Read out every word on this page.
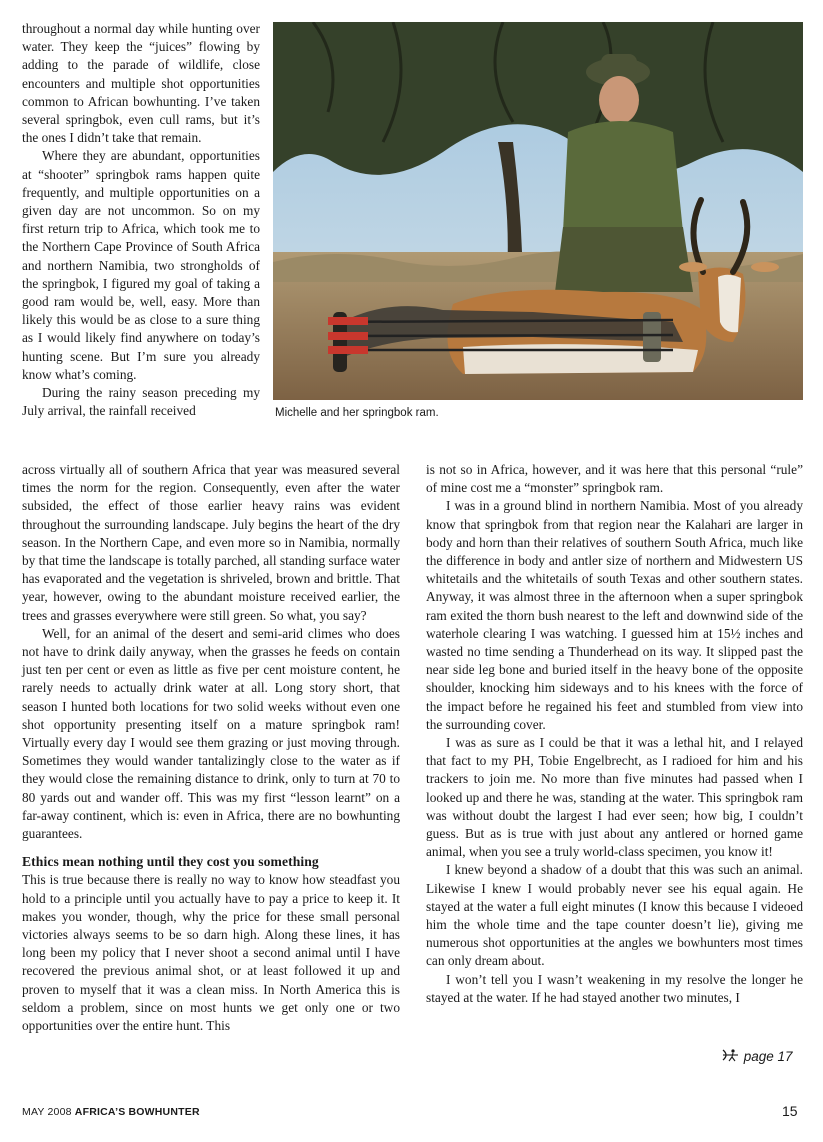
throughout a normal day while hunting over water. They keep the “juices” flowing by adding to the parade of wildlife, close encounters and multiple shot opportunities common to African bowhunting. I’ve taken several springbok, even cull rams, but it’s the ones I didn’t take that remain.

Where they are abundant, opportunities at “shooter” springbok rams happen quite frequently, and multiple opportunities on a given day are not uncommon. So on my first return trip to Africa, which took me to the Northern Cape Province of South Africa and northern Namibia, two strongholds of the springbok, I figured my goal of taking a good ram would be, well, easy. More than likely this would be as close to a sure thing as I would likely find anywhere on today’s hunting scene. But I’m sure you already know what’s coming.

During the rainy season preceding my July arrival, the rainfall received	Michelle and her springbok ram.

across virtually all of southern Africa that year was measured several times the norm for the region. Consequently, even after the water subsided, the effect of those earlier heavy rains was evident throughout the surrounding landscape. July begins the heart of the dry season. In the Northern Cape, and even more so in Namibia, normally by that time the landscape is totally parched, all standing surface water has evaporated and the vegetation is shriveled, brown and brittle. That year, however, owing to the abundant moisture received earlier, the trees and grasses everywhere were still green. So what, you say?

Well, for an animal of the desert and semi-arid climes who does not have to drink daily anyway, when the grasses he feeds on contain just ten per cent or even as little as five per cent moisture content, he rarely needs to actually drink water at all. Long story short, that season I hunted both locations for two solid weeks without even one shot opportunity presenting itself on a mature springbok ram! Virtually every day I would see them grazing or just moving through. Sometimes they would wander tantalizingly close to the water as if they would close the remaining distance to drink, only to turn at 70 to 80 yards out and wander off. This was my first “lesson learnt” on a far-away continent, which is: even in Africa, there are no bowhunting guarantees.

Ethics mean nothing until they cost you something

This is true because there is really no way to know how steadfast you hold to a principle until you actually have to pay a price to keep it. It makes you wonder, though, why the price for these small personal victories always seems to be so darn high. Along these lines, it has long been my policy that I never shoot a second animal until I have recovered the previous animal shot, or at least followed it up and proven to myself that it was a clean miss. In North America this is seldom a problem, since on most hunts we get only one or two opportunities over the entire hunt. This

is not so in Africa, however, and it was here that this personal “rule” of mine cost me a “monster” springbok ram.

I was in a ground blind in northern Namibia. Most of you already know that springbok from that region near the Kalahari are larger in body and horn than their relatives of southern South Africa, much like the difference in body and antler size of northern and Midwestern US whitetails and the whitetails of south Texas and other southern states. Anyway, it was almost three in the afternoon when a super springbok ram exited the thorn bush nearest to the left and downwind side of the waterhole clearing I was watching. I guessed him at 15½ inches and wasted no time sending a Thunderhead on its way. It slipped past the near side leg bone and buried itself in the heavy bone of the opposite shoulder, knocking him sideways and to his knees with the force of the impact before he regained his feet and stumbled from view into the surrounding cover.

I was as sure as I could be that it was a lethal hit, and I relayed that fact to my PH, Tobie Engelbrecht, as I radioed for him and his trackers to join me. No more than five minutes had passed when I looked up and there he was, standing at the water. This springbok ram was without doubt the largest I had ever seen; how big, I couldn’t guess. But as is true with just about any antlered or horned game animal, when you see a truly world-class specimen, you know it!

I knew beyond a shadow of a doubt that this was such an animal. Likewise I knew I would probably never see his equal again. He stayed at the water a full eight minutes (I know this because I videoed him the whole time and the tape counter doesn’t lie), giving me numerous shot opportunities at the angles we bowhunters most times can only dream about.

I won’t tell you I wasn’t weakening in my resolve the longer he stayed at the water. If he had stayed another two minutes, I

page 17
MAY 2008 AFRICA’S BOWHUNTER	15
